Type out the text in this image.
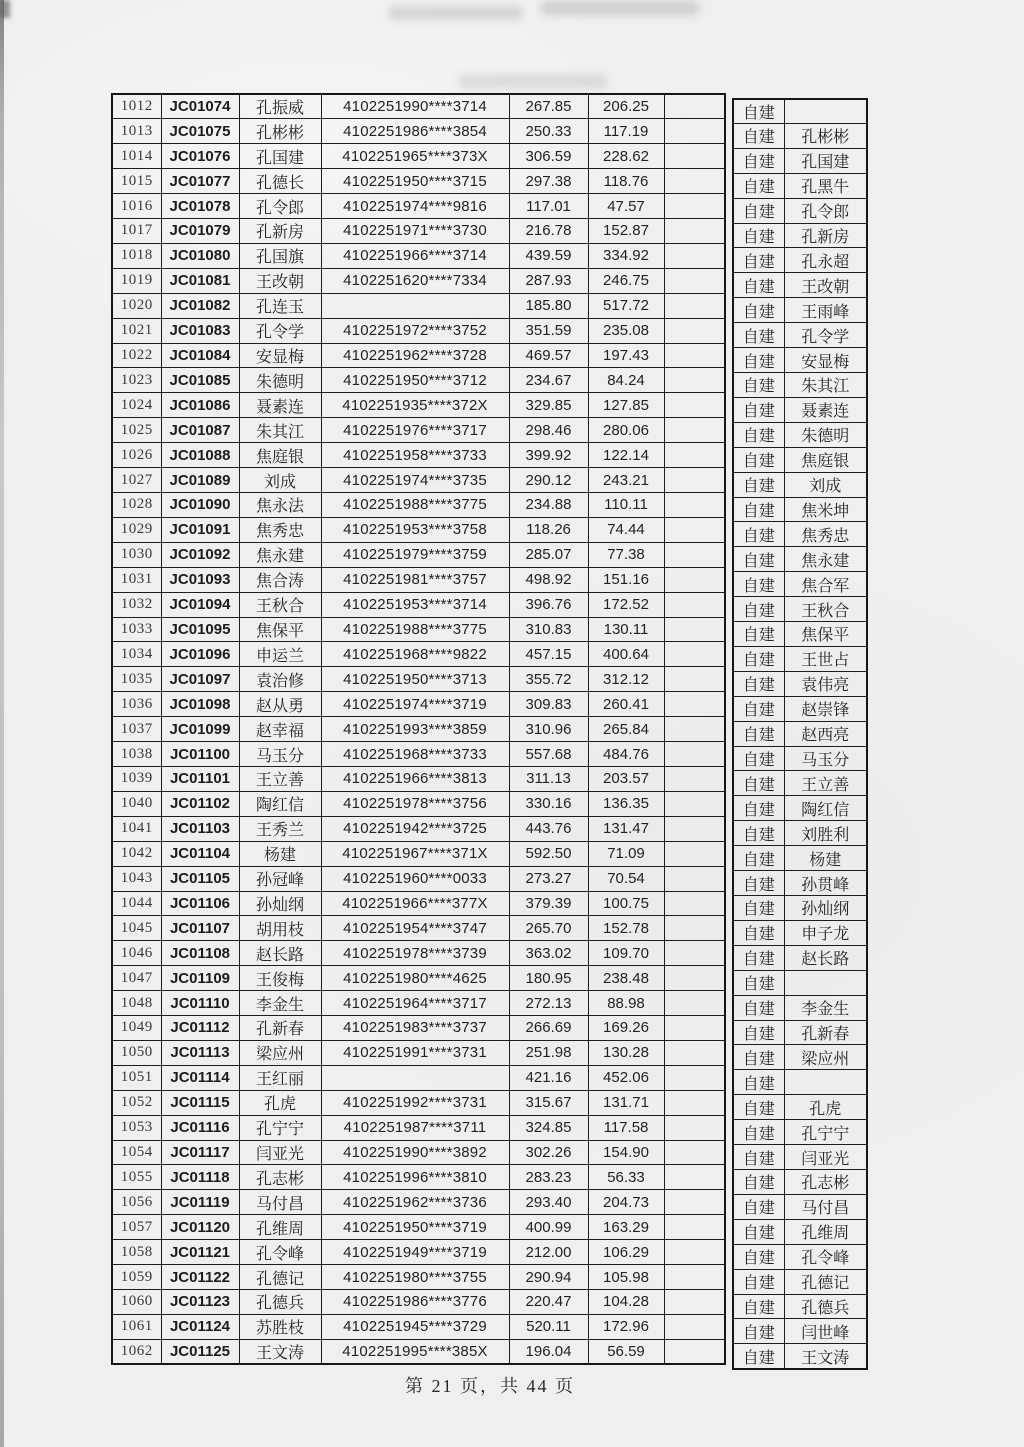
1012	JC01074	孔振威	4102251990****3714	267.85	206.25	
1013	JC01075	孔彬彬	4102251986****3854	250.33	117.19	
1014	JC01076	孔国建	4102251965****373X	306.59	228.62	
1015	JC01077	孔德长	4102251950****3715	297.38	118.76	
1016	JC01078	孔令郎	4102251974****9816	117.01	47.57	
1017	JC01079	孔新房	4102251971****3730	216.78	152.87	
1018	JC01080	孔国旗	4102251966****3714	439.59	334.92	
1019	JC01081	王改朝	4102251620****7334	287.93	246.75	
1020	JC01082	孔连玉		185.80	517.72	
1021	JC01083	孔令学	4102251972****3752	351.59	235.08	
1022	JC01084	安显梅	4102251962****3728	469.57	197.43	
1023	JC01085	朱德明	4102251950****3712	234.67	84.24	
1024	JC01086	聂素连	4102251935****372X	329.85	127.85	
1025	JC01087	朱其江	4102251976****3717	298.46	280.06	
1026	JC01088	焦庭银	4102251958****3733	399.92	122.14	
1027	JC01089	刘成	4102251974****3735	290.12	243.21	
1028	JC01090	焦永法	4102251988****3775	234.88	110.11	
1029	JC01091	焦秀忠	4102251953****3758	118.26	74.44	
1030	JC01092	焦永建	4102251979****3759	285.07	77.38	
1031	JC01093	焦合涛	4102251981****3757	498.92	151.16	
1032	JC01094	王秋合	4102251953****3714	396.76	172.52	
1033	JC01095	焦保平	4102251988****3775	310.83	130.11	
1034	JC01096	申运兰	4102251968****9822	457.15	400.64	
1035	JC01097	袁治修	4102251950****3713	355.72	312.12	
1036	JC01098	赵从勇	4102251974****3719	309.83	260.41	
1037	JC01099	赵幸福	4102251993****3859	310.96	265.84	
1038	JC01100	马玉分	4102251968****3733	557.68	484.76	
1039	JC01101	王立善	4102251966****3813	311.13	203.57	
1040	JC01102	陶红信	4102251978****3756	330.16	136.35	
1041	JC01103	王秀兰	4102251942****3725	443.76	131.47	
1042	JC01104	杨建	4102251967****371X	592.50	71.09	
1043	JC01105	孙冠峰	4102251960****0033	273.27	70.54	
1044	JC01106	孙灿纲	4102251966****377X	379.39	100.75	
1045	JC01107	胡用枝	4102251954****3747	265.70	152.78	
1046	JC01108	赵长路	4102251978****3739	363.02	109.70	
1047	JC01109	王俊梅	4102251980****4625	180.95	238.48	
1048	JC01110	李金生	4102251964****3717	272.13	88.98	
1049	JC01112	孔新春	4102251983****3737	266.69	169.26	
1050	JC01113	梁应州	4102251991****3731	251.98	130.28	
1051	JC01114	王红丽		421.16	452.06	
1052	JC01115	孔虎	4102251992****3731	315.67	131.71	
1053	JC01116	孔宁宁	4102251987****3711	324.85	117.58	
1054	JC01117	闫亚光	4102251990****3892	302.26	154.90	
1055	JC01118	孔志彬	4102251996****3810	283.23	56.33	
1056	JC01119	马付昌	4102251962****3736	293.40	204.73	
1057	JC01120	孔维周	4102251950****3719	400.99	163.29	
1058	JC01121	孔令峰	4102251949****3719	212.00	106.29	
1059	JC01122	孔德记	4102251980****3755	290.94	105.98	
1060	JC01123	孔德兵	4102251986****3776	220.47	104.28	
1061	JC01124	苏胜枝	4102251945****3729	520.11	172.96	
1062	JC01125	王文涛	4102251995****385X	196.04	56.59	
自建	
自建	孔彬彬
自建	孔国建
自建	孔黑牛
自建	孔令郎
自建	孔新房
自建	孔永超
自建	王改朝
自建	王雨峰
自建	孔令学
自建	安显梅
自建	朱其江
自建	聂素连
自建	朱德明
自建	焦庭银
自建	刘成
自建	焦米坤
自建	焦秀忠
自建	焦永建
自建	焦合军
自建	王秋合
自建	焦保平
自建	王世占
自建	袁伟亮
自建	赵崇锋
自建	赵西亮
自建	马玉分
自建	王立善
自建	陶红信
自建	刘胜利
自建	杨建
自建	孙贯峰
自建	孙灿纲
自建	申子龙
自建	赵长路
自建	
自建	李金生
自建	孔新春
自建	梁应州
自建	
自建	孔虎
自建	孔宁宁
自建	闫亚光
自建	孔志彬
自建	马付昌
自建	孔维周
自建	孔令峰
自建	孔德记
自建	孔德兵
自建	闫世峰
自建	王文涛
第 21 页，共 44 页
